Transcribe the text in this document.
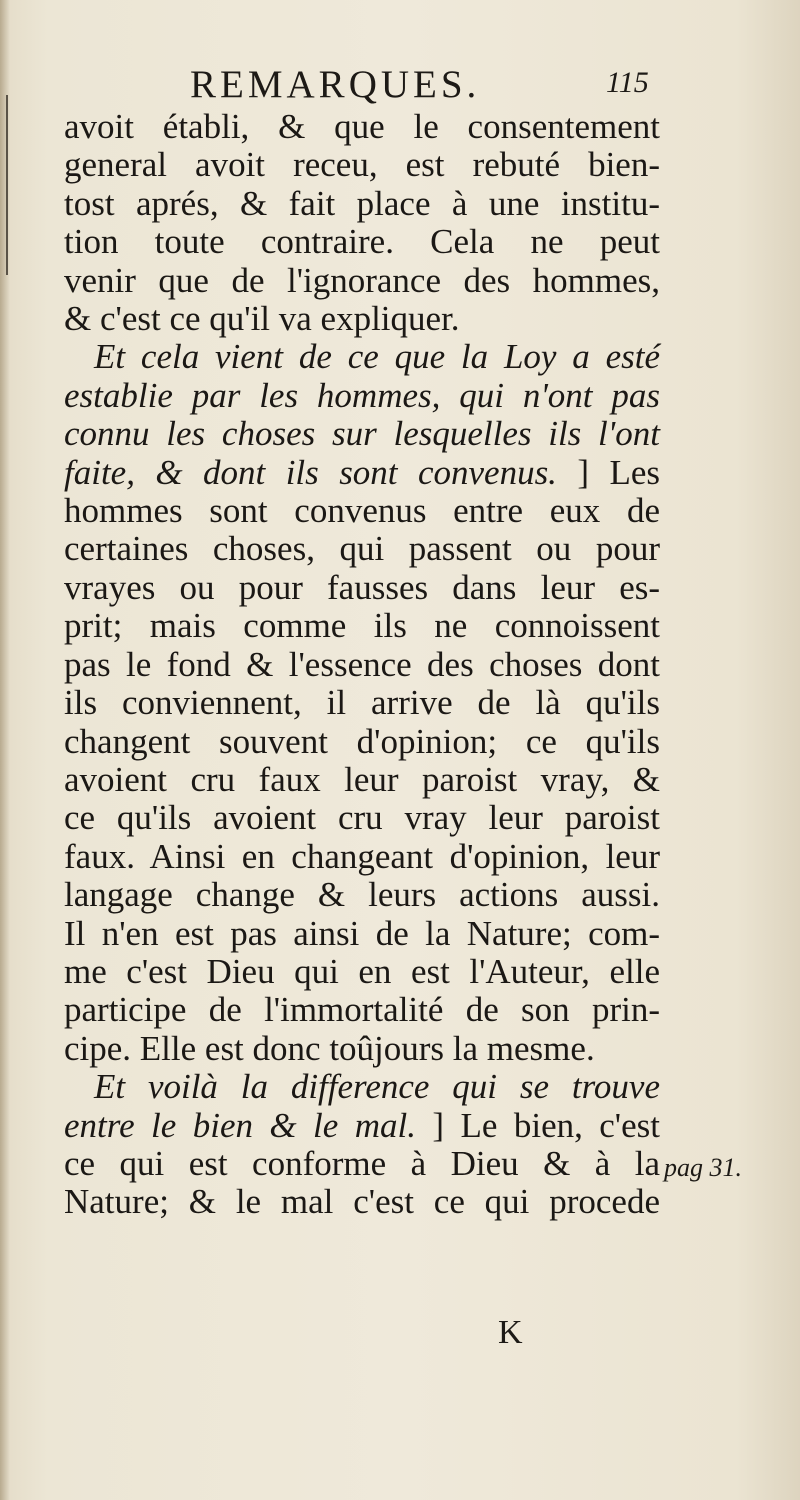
REMARQUES.	115
avoit établi, & que le consentement
general avoit receu, est rebuté bien-
tost aprés, & fait place à une institu-
tion toute contraire. Cela ne peut
venir que de l'ignorance des hommes,
& c'est ce qu'il va expliquer.
Et cela vient de ce que la Loy a esté
establie par les hommes, qui n'ont pas
connu les choses sur lesquelles ils l'ont
faite, & dont ils sont convenus. ] Les
hommes sont convenus entre eux de
certaines choses, qui passent ou pour
vrayes ou pour fausses dans leur es-
prit; mais comme ils ne connoissent
pas le fond & l'essence des choses dont
ils conviennent, il arrive de là qu'ils
changent souvent d'opinion; ce qu'ils
avoient cru faux leur paroist vray, &
ce qu'ils avoient cru vray leur paroist
faux. Ainsi en changeant d'opinion, leur
langage change & leurs actions aussi.
Il n'en est pas ainsi de la Nature; com-
me c'est Dieu qui en est l'Auteur, elle
participe de l'immortalité de son prin-
cipe. Elle est donc toûjours la mesme.
Et voilà la difference qui se trouve
entre le bien & le mal. ] Le bien, c'est
ce qui est conforme à Dieu & à la
Nature; & le mal c'est ce qui procede
pag 31.
K
